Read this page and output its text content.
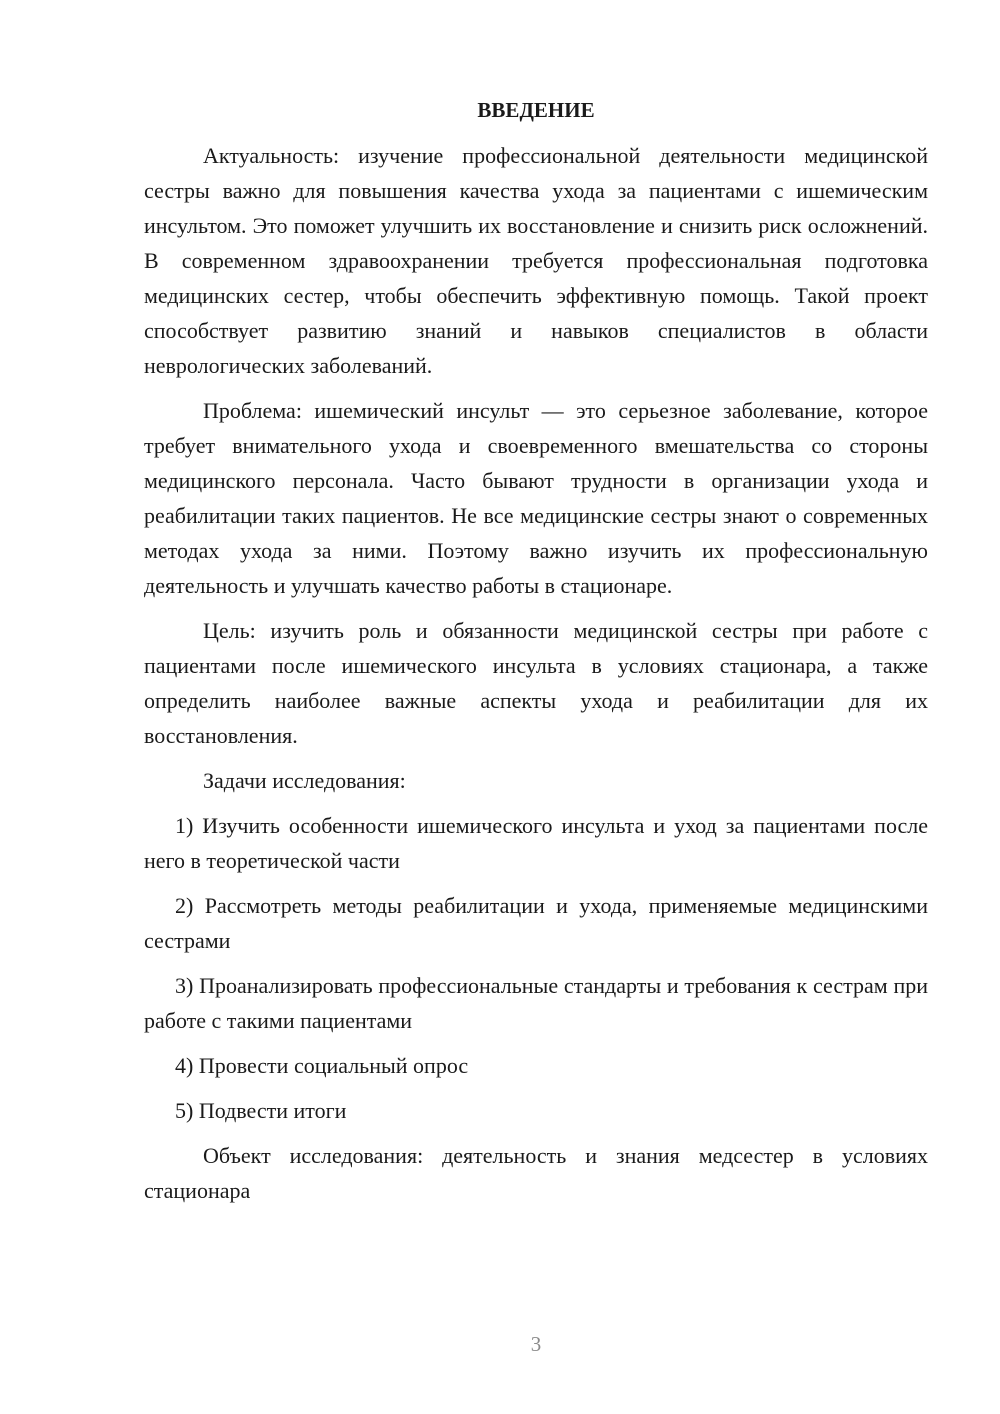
ВВЕДЕНИЕ

Актуальность: изучение профессиональной деятельности медицинской сестры важно для повышения качества ухода за пациентами с ишемическим инсультом. Это поможет улучшить их восстановление и снизить риск осложнений. В современном здравоохранении требуется профессиональная подготовка медицинских сестер, чтобы обеспечить эффективную помощь. Такой проект способствует развитию знаний и навыков специалистов в области неврологических заболеваний.

Проблема: ишемический инсульт — это серьезное заболевание, которое требует внимательного ухода и своевременного вмешательства со стороны медицинского персонала. Часто бывают трудности в организации ухода и реабилитации таких пациентов. Не все медицинские сестры знают о современных методах ухода за ними. Поэтому важно изучить их профессиональную деятельность и улучшать качество работы в стационаре.

Цель: изучить роль и обязанности медицинской сестры при работе с пациентами после ишемического инсульта в условиях стационара, а также определить наиболее важные аспекты ухода и реабилитации для их восстановления.

Задачи исследования:

1) Изучить особенности ишемического инсульта и уход за пациентами после него в теоретической части

2) Рассмотреть методы реабилитации и ухода, применяемые медицинскими сестрами

3) Проанализировать профессиональные стандарты и требования к сестрам при работе с такими пациентами

4) Провести социальный опрос

5) Подвести итоги

Объект исследования: деятельность и знания медсестер в условиях стационара

3
